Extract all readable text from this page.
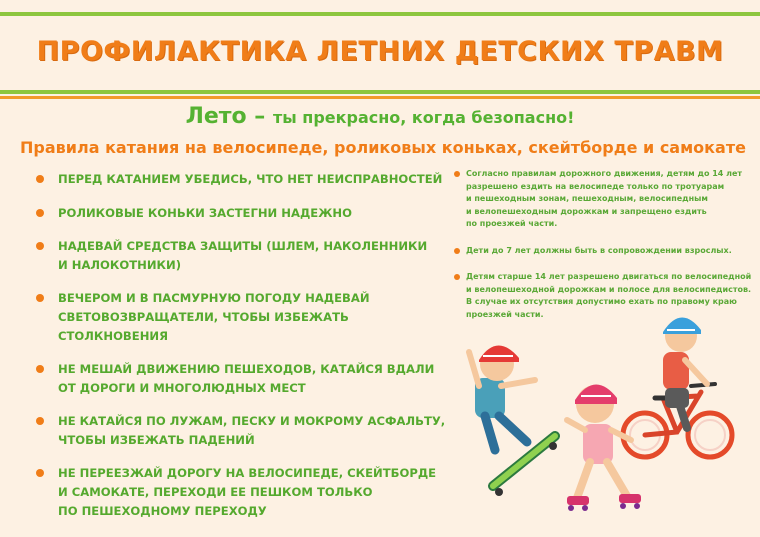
ПРОФИЛАКТИКА ЛЕТНИХ ДЕТСКИХ ТРАВМ
Лето – ты прекрасно, когда безопасно!
Правила катания на велосипеде, роликовых коньках, скейтборде и самокате
ПЕРЕД КАТАНИЕМ УБЕДИСЬ, ЧТО НЕТ НЕИСПРАВНОСТЕЙ
РОЛИКОВЫЕ КОНЬКИ ЗАСТЕГНИ НАДЕЖНО
НАДЕВАЙ СРЕДСТВА ЗАЩИТЫ (ШЛЕМ, НАКОЛЕННИКИ
И НАЛОКОТНИКИ)
ВЕЧЕРОМ И В ПАСМУРНУЮ ПОГОДУ НАДЕВАЙ
СВЕТОВОЗВРАЩАТЕЛИ, ЧТОБЫ ИЗБЕЖАТЬ СТОЛКНОВЕНИЯ
НЕ МЕШАЙ ДВИЖЕНИЮ ПЕШЕХОДОВ, КАТАЙСЯ ВДАЛИ
ОТ ДОРОГИ И МНОГОЛЮДНЫХ МЕСТ
НЕ КАТАЙСЯ ПО ЛУЖАМ, ПЕСКУ И МОКРОМУ АСФАЛЬТУ,
ЧТОБЫ ИЗБЕЖАТЬ ПАДЕНИЙ
НЕ ПЕРЕЕЗЖАЙ ДОРОГУ НА ВЕЛОСИПЕДЕ, СКЕЙТБОРДЕ
И САМОКАТЕ, ПЕРЕХОДИ ЕЕ ПЕШКОМ ТОЛЬКО
ПО ПЕШЕХОДНОМУ ПЕРЕХОДУ
Согласно правилам дорожного движения, детям до 14 лет
разрешено ездить на велосипеде только по тротуарам
и пешеходным зонам, пешеходным, велосипедным
и велопешеходным дорожкам и запрещено ездить
по проезжей части.
Дети до 7 лет должны быть в сопровождении взрослых.
Детям старше 14 лет разрешено двигаться по велосипедной
и велопешеходной дорожкам и полосе для велосипедистов.
В случае их отсутствия допустимо ехать по правому краю
проезжей части.
